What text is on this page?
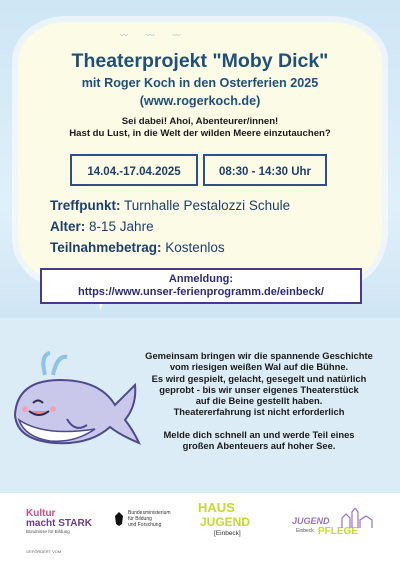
〰 〰 〰
Theaterprojekt "Moby Dick"
mit Roger Koch in den Osterferien 2025
(www.rogerkoch.de)
Sei dabei! Ahoi, Abenteurer/innen!
Hast du Lust, in die Welt der wilden Meere einzutauchen?
14.04.-17.04.2025	08:30 - 14:30 Uhr
Treffpunkt: Turnhalle Pestalozzi Schule
Alter: 8-15 Jahre
Teilnahmebetrag: Kostenlos
Anmeldung:
https://www.unser-ferienprogramm.de/einbeck/
Gemeinsam bringen wir die spannende Geschichte
vom riesigen weißen Wal auf die Bühne.
Es wird gespielt, gelacht, gesegelt und natürlich
geprobt - bis wir unser eigenes Theaterstück
auf die Beine gestellt haben.
Theatererfahrung ist nicht erforderlich
Melde dich schnell an und werde Teil eines
großen Abenteuers auf hoher See.
Kultur
macht STARK
Bündnisse für Bildung
GEFÖRDERT VOM
Bundesministerium
für Bildung
und Forschung
HAUS
JUGEND
[Einbeck]
JUGEND
Einbeck PFLEGE
